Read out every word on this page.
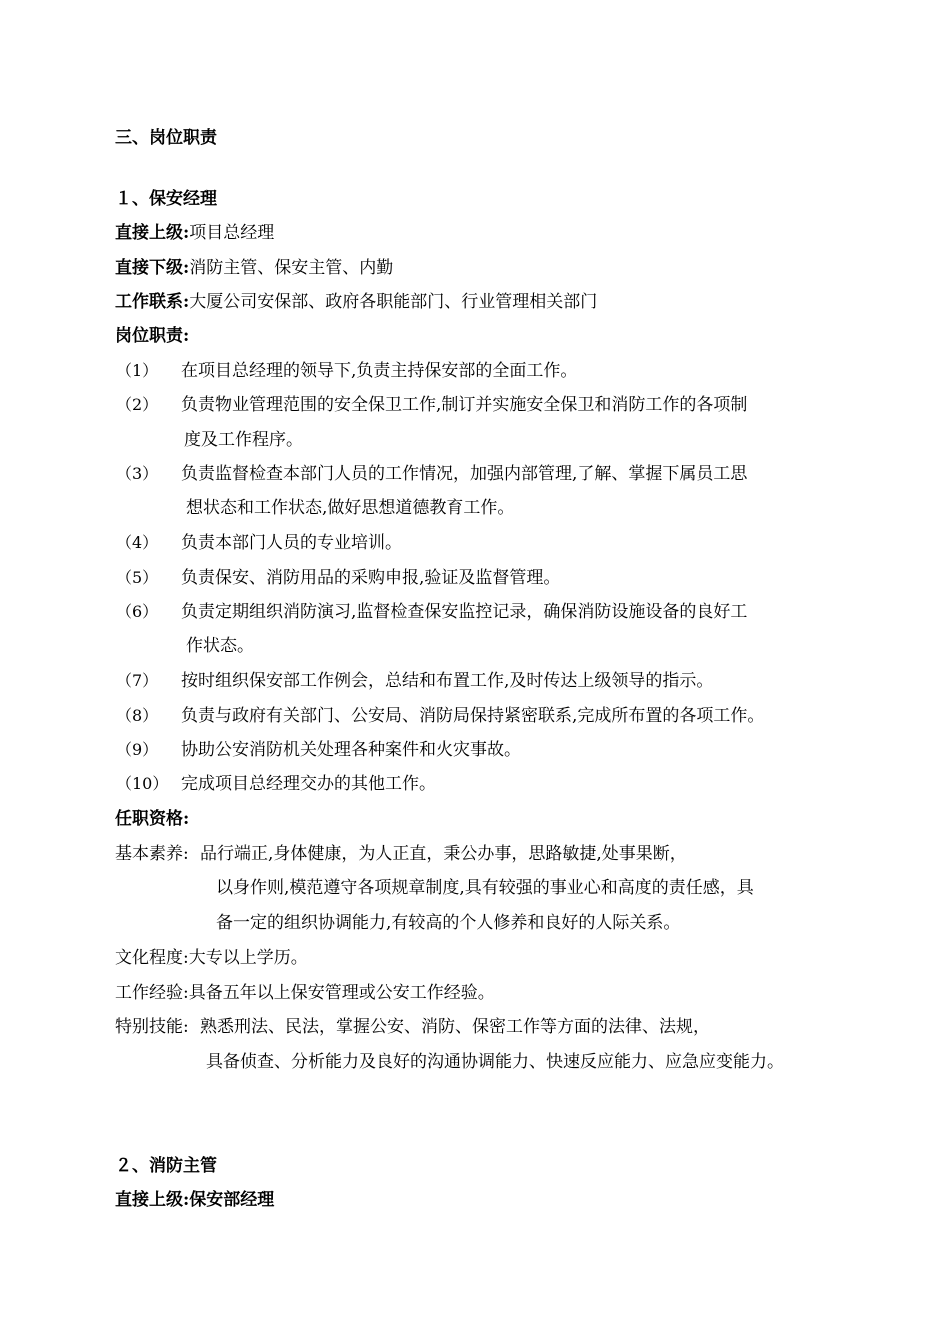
三、岗位职责
１、保安经理
直接上级:项目总经理
直接下级:消防主管、保安主管、内勤
工作联系:大厦公司安保部、政府各职能部门、行业管理相关部门
岗位职责:
（1） 在项目总经理的领导下,负责主持保安部的全面工作。
（2） 负责物业管理范围的安全保卫工作,制订并实施安全保卫和消防工作的各项制
度及工作程序。
（3） 负责监督检查本部门人员的工作情况，加强内部管理,了解、掌握下属员工思
想状态和工作状态,做好思想道德教育工作。
（4） 负责本部门人员的专业培训。
（5） 负责保安、消防用品的采购申报,验证及监督管理。
（6） 负责定期组织消防演习,监督检查保安监控记录，确保消防设施设备的良好工
作状态。
（7） 按时组织保安部工作例会，总结和布置工作,及时传达上级领导的指示。
（8） 负责与政府有关部门、公安局、消防局保持紧密联系,完成所布置的各项工作。
（9） 协助公安消防机关处理各种案件和火灾事故。
（10） 完成项目总经理交办的其他工作。
任职资格:
基本素养: 品行端正,身体健康，为人正直，秉公办事，思路敏捷,处事果断，
以身作则,模范遵守各项规章制度,具有较强的事业心和高度的责任感，具
备一定的组织协调能力,有较高的个人修养和良好的人际关系。
文化程度:大专以上学历。
工作经验:具备五年以上保安管理或公安工作经验。
特别技能: 熟悉刑法、民法，掌握公安、消防、保密工作等方面的法律、法规，
具备侦查、分析能力及良好的沟通协调能力、快速反应能力、应急应变能力。
２、消防主管
直接上级:保安部经理
